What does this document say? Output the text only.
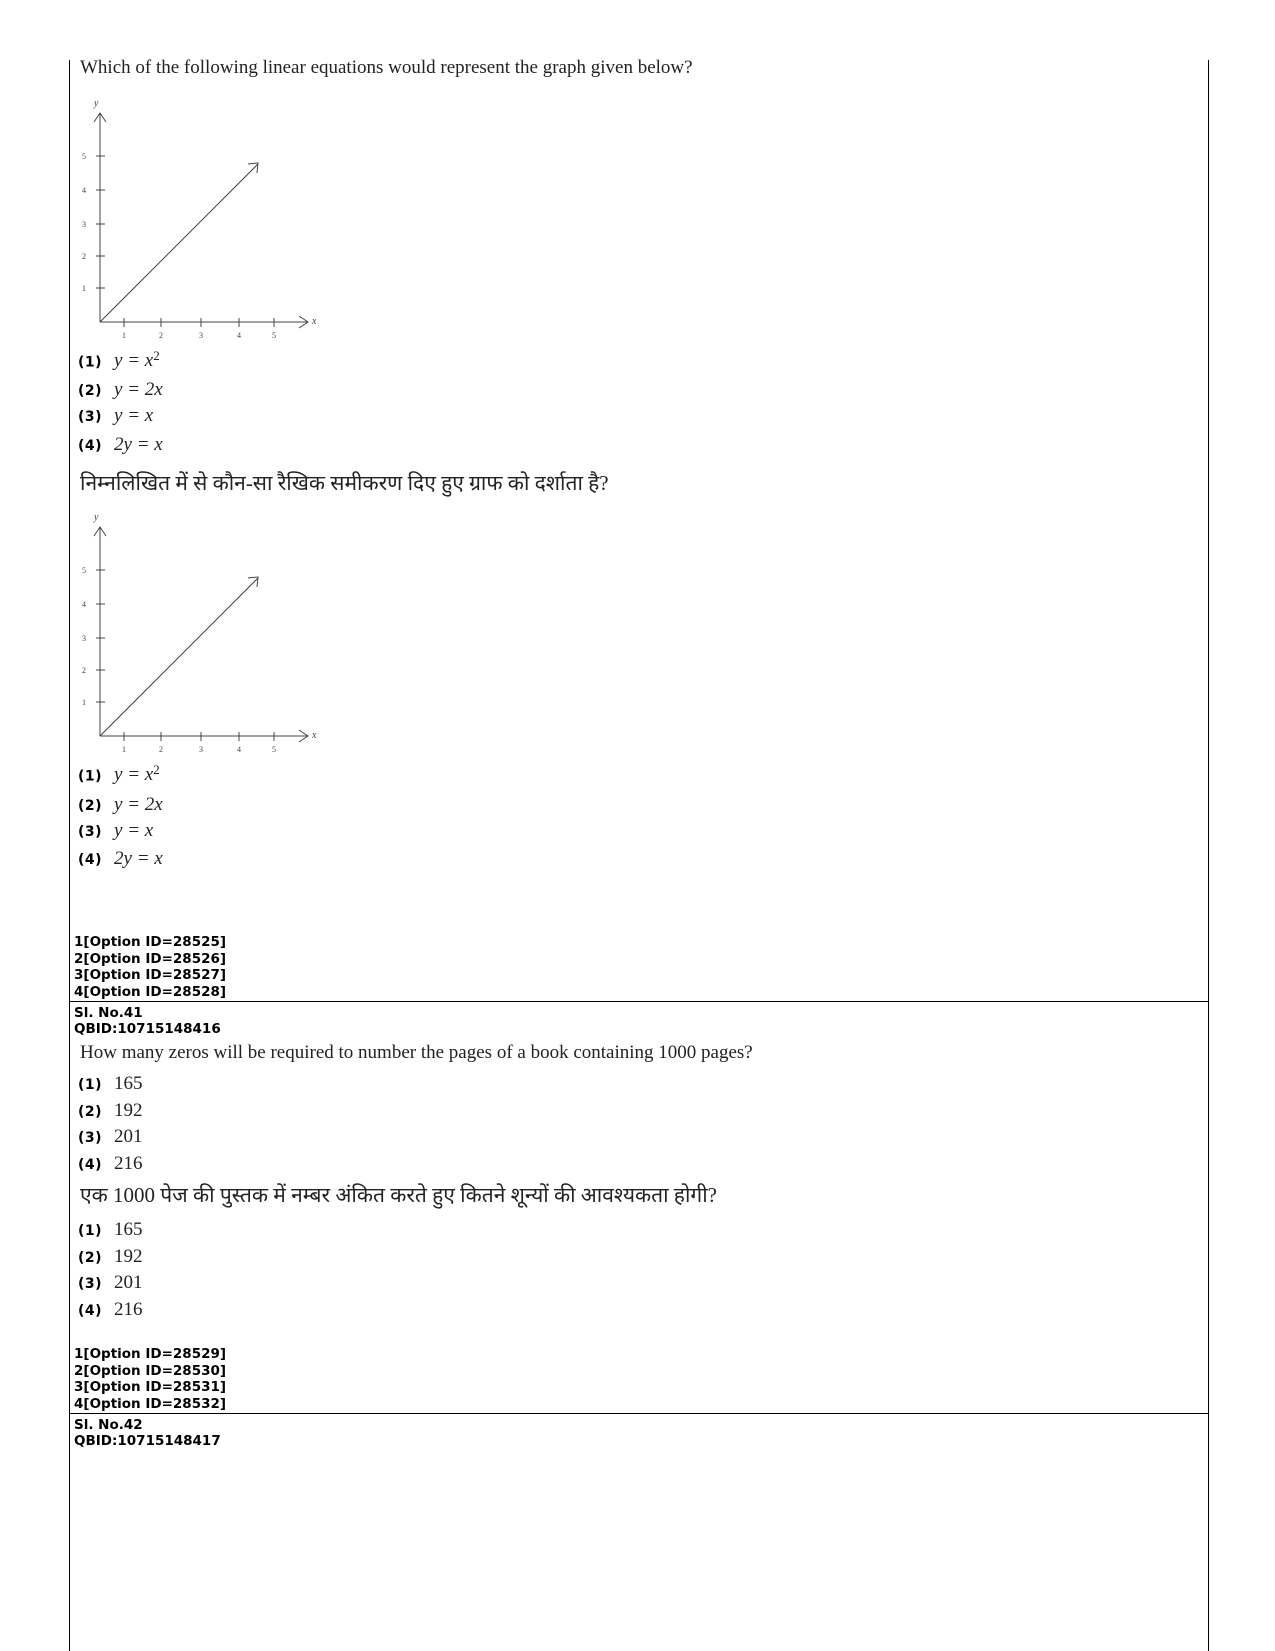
Which of the following linear equations would represent the graph given below?
y
x
5
4
3
2
1
1	2	3	4	5
(1) $y = x^2$
(2) y = 2x
(3) y = x
(4) 2y = x
निम्नलिखित में से कौन-सा रैखिक समीकरण दिए हुए ग्राफ को दर्शाता है?
y
x
5
4
3
2
1
1	2	3	4	5
(1) $y = x^2$
(2) y = 2x
(3) y = x
(4) 2y = x
1[Option ID=28525]
2[Option ID=28526]
3[Option ID=28527]
4[Option ID=28528]
Sl. No.41
QBID:10715148416
How many zeros will be required to number the pages of a book containing 1000 pages?
(1) 165
(2) 192
(3) 201
(4) 216
एक 1000 पेज की पुस्तक में नम्बर अंकित करते हुए कितने शून्यों की आवश्यकता होगी?
(1) 165
(2) 192
(3) 201
(4) 216
1[Option ID=28529]
2[Option ID=28530]
3[Option ID=28531]
4[Option ID=28532]
Sl. No.42
QBID:10715148417
